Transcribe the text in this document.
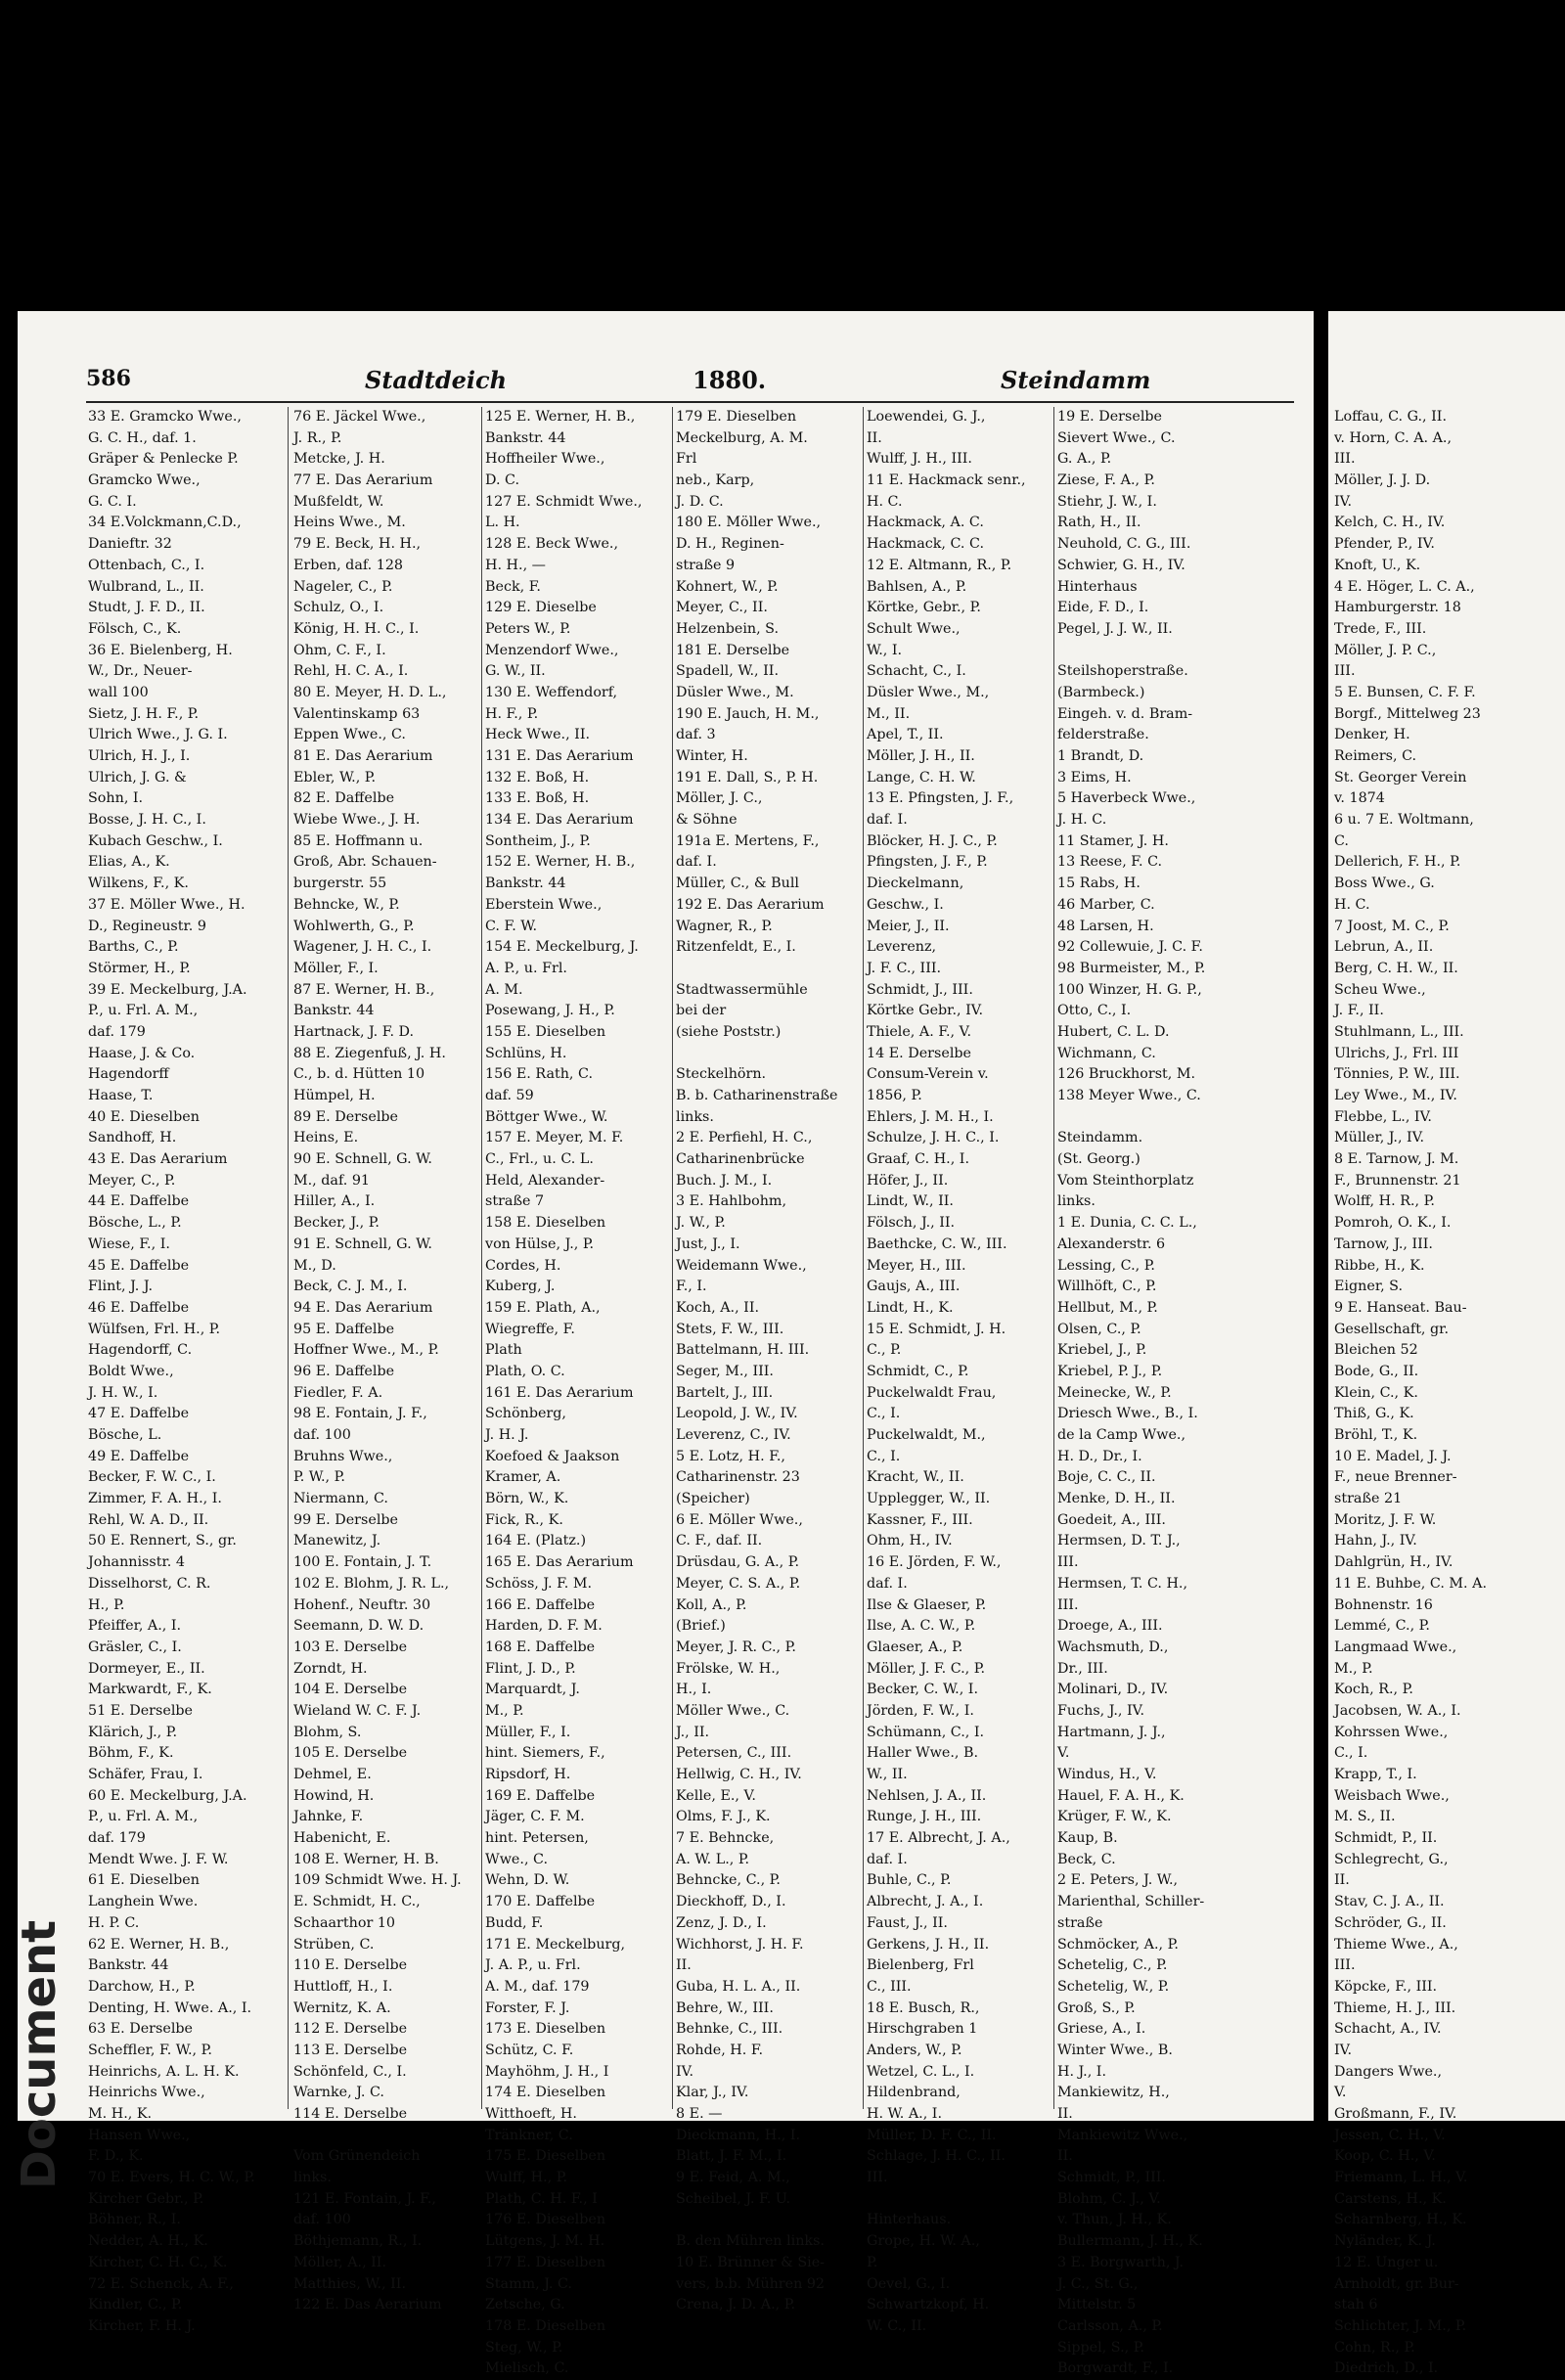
586	Stadtdeich	1880.	Steindamm
33 E. Gramcko Wwe.,
G. C. H., daf. 1.
Gräper & Penlecke P.
Gramcko Wwe.,
G. C. I.
34 E.Volckmann,C.D.,
Danieftr. 32
Ottenbach, C., I.
Wulbrand, L., II.
Studt, J. F. D., II.
Fölsch, C., K.
36 E. Bielenberg, H.
W., Dr., Neuer-
wall 100
Sietz, J. H. F., P.
Ulrich Wwe., J. G. I.
Ulrich, H. J., I.
Ulrich, J. G. &
Sohn, I.
Bosse, J. H. C., I.
Kubach Geschw., I.
Elias, A., K.
Wilkens, F., K.
37 E. Möller Wwe., H.
D., Regineustr. 9
Barths, C., P.
Störmer, H., P.
39 E. Meckelburg, J.A.
P., u. Frl. A. M.,
daf. 179
Haase, J. & Co.
Hagendorff
Haase, T.
40 E. Dieselben
Sandhoff, H.
43 E. Das Aerarium
Meyer, C., P.
44 E. Daffelbe
Bösche, L., P.
Wiese, F., I.
45 E. Daffelbe
Flint, J. J.
46 E. Daffelbe
Wülfsen, Frl. H., P.
Hagendorff, C.
Boldt Wwe.,
J. H. W., I.
47 E. Daffelbe
Bösche, L.
49 E. Daffelbe
Becker, F. W. C., I.
Zimmer, F. A. H., I.
Rehl, W. A. D., II.
50 E. Rennert, S., gr.
Johannisstr. 4
Disselhorst, C. R.
H., P.
Pfeiffer, A., I.
Gräsler, C., I.
Dormeyer, E., II.
Markwardt, F., K.
51 E. Derselbe
Klärich, J., P.
Böhm, F., K.
Schäfer, Frau, I.
60 E. Meckelburg, J.A.
P., u. Frl. A. M.,
daf. 179
Mendt Wwe. J. F. W.
61 E. Dieselben
Langhein Wwe.
H. P. C.
62 E. Werner, H. B.,
Bankstr. 44
Darchow, H., P.
Denting, H. Wwe. A., I.
63 E. Derselbe
Scheffler, F. W., P.
Heinrichs, A. L. H. K.
Heinrichs Wwe.,
M. H., K.
Hansen Wwe.,
F. D., K.
70 E. Evers, H. C. W., P.
Kircher Gebr., P.
Böhner, R., I.
Nedder, A. H., K.
Kircher, C. H. C., K.
72 E. Schenck, A. F.,
Kindler, C., P.
Kircher, F. H. J.
76 E. Jäckel Wwe.,
J. R., P.
Metcke, J. H.
77 E. Das Aerarium
Mußfeldt, W.
Heins Wwe., M.
79 E. Beck, H. H.,
Erben, daf. 128
Nageler, C., P.
Schulz, O., I.
König, H. H. C., I.
Ohm, C. F., I.
Rehl, H. C. A., I.
80 E. Meyer, H. D. L.,
Valentinskamp 63
Eppen Wwe., C.
81 E. Das Aerarium
Ebler, W., P.
82 E. Daffelbe
Wiebe Wwe., J. H.
85 E. Hoffmann u.
Groß, Abr. Schauen-
burgerstr. 55
Behncke, W., P.
Wohlwerth, G., P.
Wagener, J. H. C., I.
Möller, F., I.
87 E. Werner, H. B.,
Bankstr. 44
Hartnack, J. F. D.
88 E. Ziegenfuß, J. H.
C., b. d. Hütten 10
Hümpel, H.
89 E. Derselbe
Heins, E.
90 E. Schnell, G. W.
M., daf. 91
Hiller, A., I.
Becker, J., P.
91 E. Schnell, G. W.
M., D.
Beck, C. J. M., I.
94 E. Das Aerarium
95 E. Daffelbe
Hoffner Wwe., M., P.
96 E. Daffelbe
Fiedler, F. A.
98 E. Fontain, J. F.,
daf. 100
Bruhns Wwe.,
P. W., P.
Niermann, C.
99 E. Derselbe
Manewitz, J.
100 E. Fontain, J. T.
102 E. Blohm, J. R. L.,
Hohenf., Neuftr. 30
Seemann, D. W. D.
103 E. Derselbe
Zorndt, H.
104 E. Derselbe
Wieland W. C. F. J.
Blohm, S.
105 E. Derselbe
Dehmel, E.
Howind, H.
Jahnke, F.
Habenicht, E.
108 E. Werner, H. B.
109 Schmidt Wwe. H. J.
E. Schmidt, H. C.,
Schaarthor 10
Strüben, C.
110 E. Derselbe
Huttloff, H., I.
Wernitz, K. A.
112 E. Derselbe
113 E. Derselbe
Schönfeld, C., I.
Warnke, J. C.
114 E. Derselbe
Vom Grünendeich
links.
121 E. Fontain, J. F.,
daf. 100
Böthjemann, R., I.
Möller, A., II.
Matthies, W., II.
122 E. Das Aerarium
125 E. Werner, H. B.,
Bankstr. 44
Hoffheiler Wwe.,
D. C.
127 E. Schmidt Wwe.,
L. H.
128 E. Beck Wwe.,
H. H., —
Beck, F.
129 E. Dieselbe
Peters W., P.
Menzendorf Wwe.,
G. W., II.
130 E. Weffendorf,
H. F., P.
Heck Wwe., II.
131 E. Das Aerarium
132 E. Boß, H.
133 E. Boß, H.
134 E. Das Aerarium
Sontheim, J., P.
152 E. Werner, H. B.,
Bankstr. 44
Eberstein Wwe.,
C. F. W.
154 E. Meckelburg, J.
A. P., u. Frl.
A. M.
Posewang, J. H., P.
155 E. Dieselben
Schlüns, H.
156 E. Rath, C.
daf. 59
Böttger Wwe., W.
157 E. Meyer, M. F.
C., Frl., u. C. L.
Held, Alexander-
straße 7
158 E. Dieselben
von Hülse, J., P.
Cordes, H.
Kuberg, J.
159 E. Plath, A.,
Wiegreffe, F.
Plath
Plath, O. C.
161 E. Das Aerarium
Schönberg,
J. H. J.
Koefoed & Jaakson
Kramer, A.
Börn, W., K.
Fick, R., K.
164 E. (Platz.)
165 E. Das Aerarium
Schöss, J. F. M.
166 E. Daffelbe
Harden, D. F. M.
168 E. Daffelbe
Flint, J. D., P.
Marquardt, J.
M., P.
Müller, F., I.
hint. Siemers, F.,
Ripsdorf, H.
169 E. Daffelbe
Jäger, C. F. M.
hint. Petersen,
Wwe., C.
Wehn, D. W.
170 E. Daffelbe
Budd, F.
171 E. Meckelburg,
J. A. P., u. Frl.
A. M., daf. 179
Forster, F. J.
173 E. Dieselben
Schütz, C. F.
Mayhöhm, J. H., I
174 E. Dieselben
Witthoeft, H.
Tränkner, C.
175 E. Dieselben
Wulff, H., P.
Plath, C. H. F., I
176 E. Dieselben
Lütgens, J. M. H.
177 E. Dieselben
Stamm, J. C.
Zetsche, G.
178 E. Dieselben
Steg, W., P.
Mielisch, C.
179 E. Dieselben
Meckelburg, A. M.
Frl
neb., Karp,
J. D. C.
180 E. Möller Wwe.,
D. H., Reginen-
straße 9
Kohnert, W., P.
Meyer, C., II.
Helzenbein, S.
181 E. Derselbe
Spadell, W., II.
Düsler Wwe., M.
190 E. Jauch, H. M.,
daf. 3
Winter, H.
191 E. Dall, S., P. H.
Möller, J. C.,
& Söhne
191a E. Mertens, F.,
daf. I.
Müller, C., & Bull
192 E. Das Aerarium
Wagner, R., P.
Ritzenfeldt, E., I.
Stadtwassermühle
bei der
(siehe Poststr.)
Steckelhörn.
B. b. Catharinenstraße
links.
2 E. Perfiehl, H. C.,
Catharinenbrücke
Buch. J. M., I.
3 E. Hahlbohm,
J. W., P.
Just, J., I.
Weidemann Wwe.,
F., I.
Koch, A., II.
Stets, F. W., III.
Battelmann, H. III.
Seger, M., III.
Bartelt, J., III.
Leopold, J. W., IV.
Leverenz, C., IV.
5 E. Lotz, H. F.,
Catharinenstr. 23
(Speicher)
6 E. Möller Wwe.,
C. F., daf. II.
Drüsdau, G. A., P.
Meyer, C. S. A., P.
Koll, A., P.
(Brief.)
Meyer, J. R. C., P.
Frölske, W. H.,
H., I.
Möller Wwe., C.
J., II.
Petersen, C., III.
Hellwig, C. H., IV.
Kelle, E., V.
Olms, F. J., K.
7 E. Behncke,
A. W. L., P.
Behncke, C., P.
Dieckhoff, D., I.
Zenz, J. D., I.
Wichhorst, J. H. F.
II.
Guba, H. L. A., II.
Behre, W., III.
Behnke, C., III.
Rohde, H. F.
IV.
Klar, J., IV.
8 E. —
Dieckmann, H., I.
Blatt, J. F. M., I.
9 E. Feid, A. M.,
Scheibel, J. F. U.
B. den Mühren links.
10 E. Brünner & Sie-
vers, b.b. Mühren 92
Crena, J. D. A., P.
Loewendei, G. J.,
II.
Wulff, J. H., III.
11 E. Hackmack senr.,
H. C.
Hackmack, A. C.
Hackmack, C. C.
12 E. Altmann, R., P.
Bahlsen, A., P.
Körtke, Gebr., P.
Schult Wwe.,
W., I.
Schacht, C., I.
Düsler Wwe., M.,
M., II.
Apel, T., II.
Möller, J. H., II.
Lange, C. H. W.
13 E. Pfingsten, J. F.,
daf. I.
Blöcker, H. J. C., P.
Pfingsten, J. F., P.
Dieckelmann,
Geschw., I.
Meier, J., II.
Leverenz,
J. F. C., III.
Schmidt, J., III.
Körtke Gebr., IV.
Thiele, A. F., V.
14 E. Derselbe
Consum-Verein v.
1856, P.
Ehlers, J. M. H., I.
Schulze, J. H. C., I.
Graaf, C. H., I.
Höfer, J., II.
Lindt, W., II.
Fölsch, J., II.
Baethcke, C. W., III.
Meyer, H., III.
Gaujs, A., III.
Lindt, H., K.
15 E. Schmidt, J. H.
C., P.
Schmidt, C., P.
Puckelwaldt Frau,
C., I.
Puckelwaldt, M.,
C., I.
Kracht, W., II.
Upplegger, W., II.
Kassner, F., III.
Ohm, H., IV.
16 E. Jörden, F. W.,
daf. I.
Ilse & Glaeser, P.
Ilse, A. C. W., P.
Glaeser, A., P.
Möller, J. F. C., P.
Becker, C. W., I.
Jörden, F. W., I.
Schümann, C., I.
Haller Wwe., B.
W., II.
Nehlsen, J. A., II.
Runge, J. H., III.
17 E. Albrecht, J. A.,
daf. I.
Buhle, C., P.
Albrecht, J. A., I.
Faust, J., II.
Gerkens, J. H., II.
Bielenberg, Frl
C., III.
18 E. Busch, R.,
Hirschgraben 1
Anders, W., P.
Wetzel, C. L., I.
Hildenbrand,
H. W. A., I.
Müller, D. F. C., II.
Schlage, J. H. C., II.
III.
Hinterhaus.
Grope, H. W. A.,
P.
Oevel, G., I.
Schwartzkopf, H.
W. C., II.
19 E. Derselbe
Sievert Wwe., C.
G. A., P.
Ziese, F. A., P.
Stiehr, J. W., I.
Rath, H., II.
Neuhold, C. G., III.
Schwier, G. H., IV.
Hinterhaus
Eide, F. D., I.
Pegel, J. J. W., II.
Steilshoperstraße.
(Barmbeck.)
Eingeh. v. d. Bram-
felderstraße.
1 Brandt, D.
3 Eims, H.
5 Haverbeck Wwe.,
J. H. C.
11 Stamer, J. H.
13 Reese, F. C.
15 Rabs, H.
46 Marber, C.
48 Larsen, H.
92 Collewuie, J. C. F.
98 Burmeister, M., P.
100 Winzer, H. G. P.,
Otto, C., I.
Hubert, C. L. D.
Wichmann, C.
126 Bruckhorst, M.
138 Meyer Wwe., C.
Steindamm.
(St. Georg.)
Vom Steinthorplatz
links.
1 E. Dunia, C. C. L.,
Alexanderstr. 6
Lessing, C., P.
Willhöft, C., P.
Hellbut, M., P.
Olsen, C., P.
Kriebel, J., P.
Kriebel, P. J., P.
Meinecke, W., P.
Driesch Wwe., B., I.
de la Camp Wwe.,
H. D., Dr., I.
Boje, C. C., II.
Menke, D. H., II.
Goedeit, A., III.
Hermsen, D. T. J.,
III.
Hermsen, T. C. H.,
III.
Droege, A., III.
Wachsmuth, D.,
Dr., III.
Molinari, D., IV.
Fuchs, J., IV.
Hartmann, J. J.,
V.
Windus, H., V.
Hauel, F. A. H., K.
Krüger, F. W., K.
Kaup, B.
Beck, C.
2 E. Peters, J. W.,
Marienthal, Schiller-
straße
Schmöcker, A., P.
Schetelig, C., P.
Schetelig, W., P.
Groß, S., P.
Griese, A., I.
Winter Wwe., B.
H. J., I.
Mankiewitz, H.,
II.
Mankiewitz Wwe.,
II.
Schmidt, P., III.
Blohm, C. J., V.
v. Thun, J. H., K.
Bullermann, J. H., K.
3 E. Borgwarth, J.
J. C., St. G.,
Mittelstr. 5
Carlsson, A., P.
Sippel, S., P.
Borgwardt, F., I.
Document
Loffau, C. G., II.
v. Horn, C. A. A.,
III.
Möller, J. J. D.
IV.
Kelch, C. H., IV.
Pfender, P., IV.
Knoft, U., K.
4 E. Höger, L. C. A.,
Hamburgerstr. 18
Trede, F., III.
Möller, J. P. C.,
III.
5 E. Bunsen, C. F. F.
Borgf., Mittelweg 23
Denker, H.
Reimers, C.
St. Georger Verein
v. 1874
6 u. 7 E. Woltmann,
C.
Dellerich, F. H., P.
Boss Wwe., G.
H. C.
7 Joost, M. C., P.
Lebrun, A., II.
Berg, C. H. W., II.
Scheu Wwe.,
J. F., II.
Stuhlmann, L., III.
Ulrichs, J., Frl. III
Tönnies, P. W., III.
Ley Wwe., M., IV.
Flebbe, L., IV.
Müller, J., IV.
8 E. Tarnow, J. M.
F., Brunnenstr. 21
Wolff, H. R., P.
Pomroh, O. K., I.
Tarnow, J., III.
Ribbe, H., K.
Eigner, S.
9 E. Hanseat. Bau-
Gesellschaft, gr.
Bleichen 52
Bode, G., II.
Klein, C., K.
Thiß, G., K.
Bröhl, T., K.
10 E. Madel, J. J.
F., neue Brenner-
straße 21
Moritz, J. F. W.
Hahn, J., IV.
Dahlgrün, H., IV.
11 E. Buhbe, C. M. A.
Bohnenstr. 16
Lemmé, C., P.
Langmaad Wwe.,
M., P.
Koch, R., P.
Jacobsen, W. A., I.
Kohrssen Wwe.,
C., I.
Krapp, T., I.
Weisbach Wwe.,
M. S., II.
Schmidt, P., II.
Schlegrecht, G.,
II.
Stav, C. J. A., II.
Schröder, G., II.
Thieme Wwe., A.,
III.
Köpcke, F., III.
Thieme, H. J., III.
Schacht, A., IV.
IV.
Dangers Wwe.,
V.
Großmann, F., IV.
Jessen, C. H., V.
Koop, C. H., V.
Friemann, L. H., V.
Carstens, H., K.
Scharnberg, H., K.
Nyländer, K. J.
12 E. Unger u.
Arnholdt, gr. Bur-
stah 6
Schlichter, J. M., P.
Cohn, R., P.
Diedrich, D., I.
